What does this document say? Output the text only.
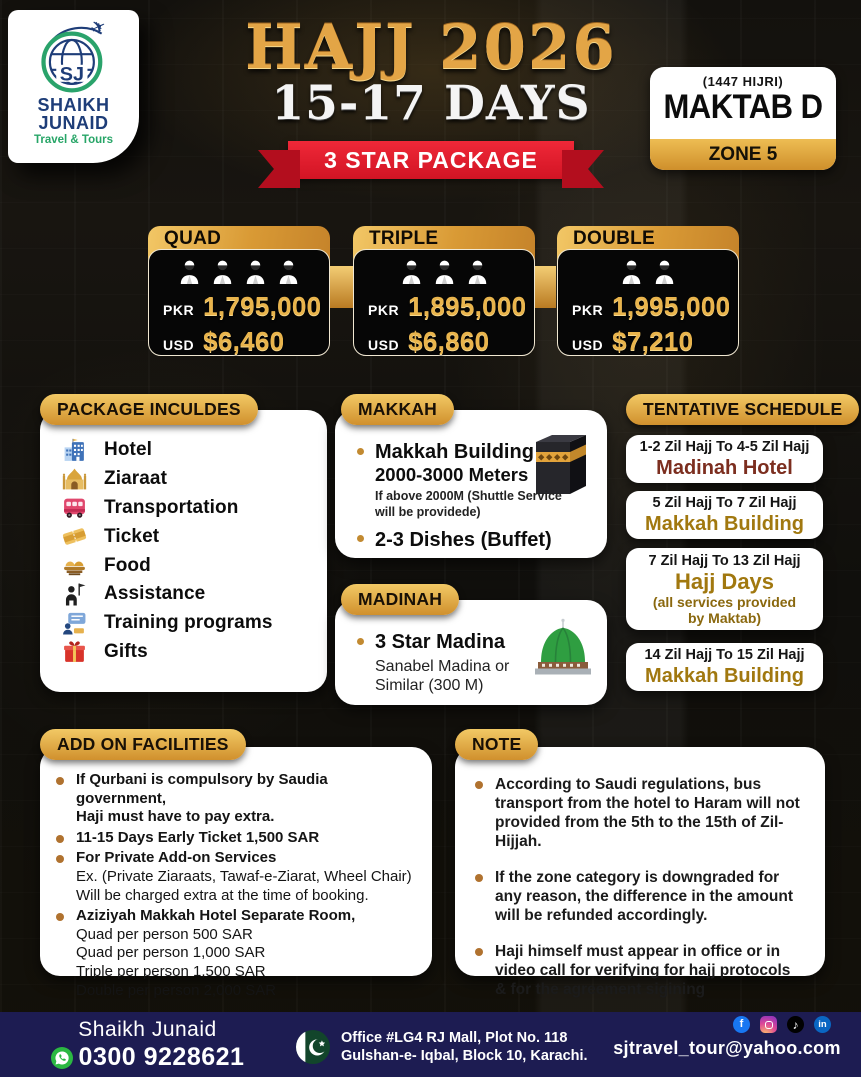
SHAIKH
JUNAID
Travel & Tours
HAJJ 2026
15-17 DAYS
3 STAR PACKAGE
(1447 HIJRI)
MAKTAB D
ZONE 5
QUAD
PKR 1,795,000
USD $6,460
TRIPLE
PKR 1,895,000
USD $6,860
DOUBLE
PKR 1,995,000
USD $7,210
PACKAGE INCULDES
Hotel
Ziaraat
Transportation
Ticket
Food
Assistance
Training programs
Gifts
MAKKAH
Makkah Building
2000-3000 Meters
If above 2000M (Shuttle Service
will be providede)
2-3 Dishes (Buffet)
MADINAH
3 Star Madina
Sanabel Madina or
Similar (300 M)
TENTATIVE SCHEDULE
1-2 Zil Hajj To 4-5 Zil Hajj
Madinah Hotel
5 Zil Hajj To 7 Zil Hajj
Makkah Building
7 Zil Hajj To 13 Zil Hajj
Hajj Days
(all services provided
by Maktab)
14 Zil Hajj To 15 Zil Hajj
Makkah Building
ADD ON FACILITIES
If Qurbani is compulsory by Saudia government,
Haji must have to pay extra.
11-15 Days Early Ticket 1,500 SAR
For Private Add-on Services
Ex. (Private Ziaraats, Tawaf-e-Ziarat, Wheel Chair)
Will be charged extra at the time of booking.
Aziziyah Makkah Hotel Separate Room,
Quad per person 500 SAR
Quad per person 1,000 SAR
Triple per person 1,500 SAR
Double per person 2,000 SAR
NOTE
According to Saudi regulations, bus transport from the hotel to Haram will not provided from the 5th to the 15th of Zil-Hijjah.
If the zone category is downgraded for any reason, the difference in the amount will be refunded accordingly.
Haji himself must appear in office or in video call for verifying for hajj protocols & for the agreement sigining
Shaikh Junaid
0300 9228621
Office #LG4 RJ Mall, Plot No. 118
Gulshan-e- Iqbal, Block 10, Karachi.
f	♪	in
sjtravel_tour@yahoo.com
